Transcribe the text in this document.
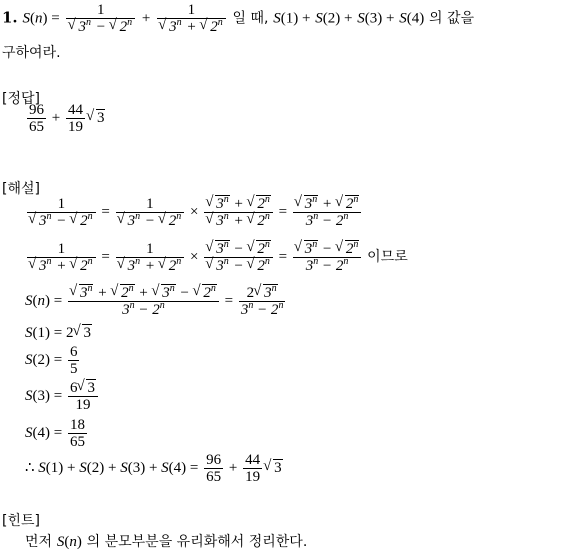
1. S(n) = 1
√ $3^n$ − √ $2^n + 1$
√ $3^n$ + √ 2$^n$ 일 때, S(1) + S(2) + S(3) + S(4) 의 값을
구하여라.
[정답]
$\frac{96}{65} + \frac{44}{19}$ √ 3
[해설]
1
√ $3^n$ − √ $2^n = 1$
√ $3^n$ − √ $2^n$ × √ $3^n$ + √ 2$^n$
√ $3^n$ + √ $2^n$ = √ $\frac{3^n + √ 2^n}{3^n - 2^n}$
1
√ $3^n$ + √ $2^n = 1$
√ $3^n$ + √ $2^n$ × √ $3^n$ − √ 2$^n$
√ $3^n$ − √ $2^n$ = √ $\frac{3^n - √ 2^n}{3^n - 2^n}$ 이므로
S(n) = √ $\frac{3^n + √ 2^n + √ 3^n - √ 2^n}{3^n - 2^n} = \frac{2 √ 3^n}{3^n - 2^n}$
S(1) = 2 √ 3
$S(2) = \frac{6}{5}$
$S(3) = \frac{6 √ 3}{19}$
$S(4) = \frac{18}{65}$
∴ $S(1) + S(2) + S(3) + S(4) = \frac{96}{65} + \frac{44}{19}$ √ 3
[힌트]
먼저 S(n) 의 분모부분을 유리화해서 정리한다.
